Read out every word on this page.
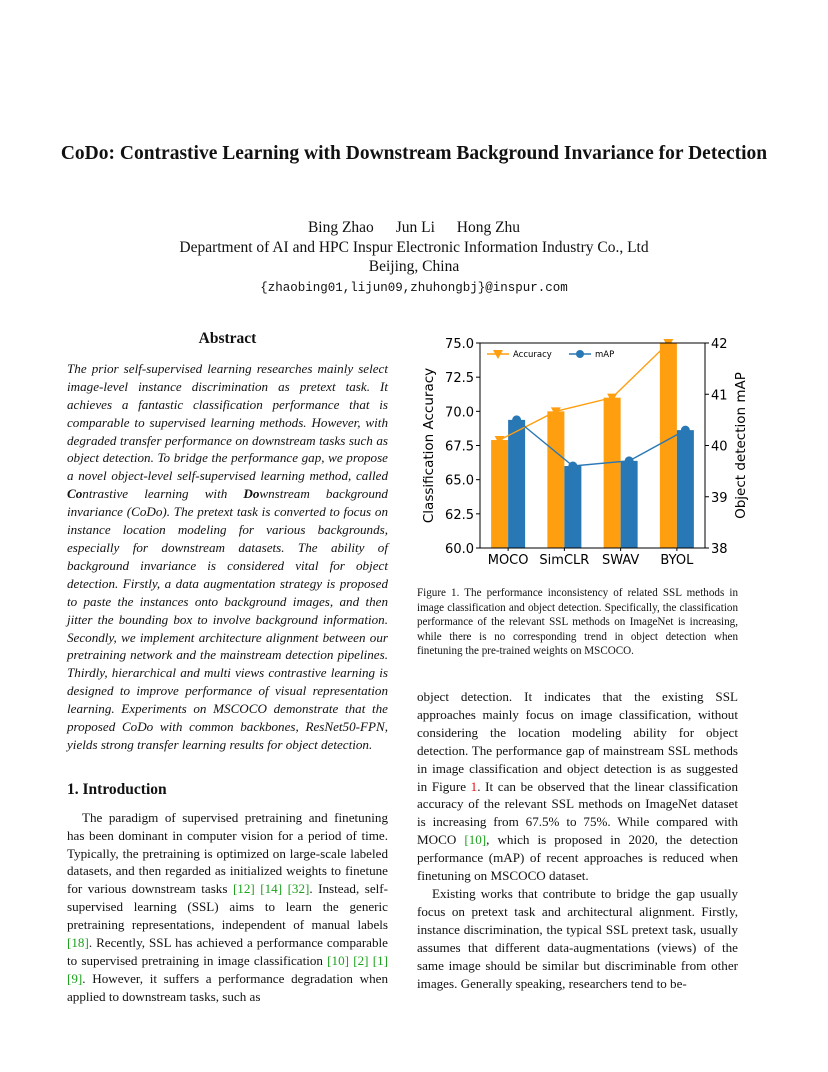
CoDo: Contrastive Learning with Downstream Background Invariance for Detection
Bing Zhao Jun Li Hong Zhu
Department of AI and HPC Inspur Electronic Information Industry Co., Ltd
Beijing, China
{zhaobing01,lijun09,zhuhongbj}@inspur.com
Abstract

The prior self-supervised learning researches mainly select image-level instance discrimination as pretext task. It achieves a fantastic classification performance that is comparable to supervised learning methods. However, with degraded transfer performance on downstream tasks such as object detection. To bridge the performance gap, we propose a novel object-level self-supervised learning method, called Contrastive learning with Downstream background invariance (CoDo). The pretext task is converted to focus on instance location modeling for various backgrounds, especially for downstream datasets. The ability of background invariance is considered vital for object detection. Firstly, a data augmentation strategy is proposed to paste the instances onto background images, and then jitter the bounding box to involve background information. Secondly, we implement architecture alignment between our pretraining network and the mainstream detection pipelines. Thirdly, hierarchical and multi views contrastive learning is designed to improve performance of visual representation learning. Experiments on MSCOCO demonstrate that the proposed CoDo with common backbones, ResNet50-FPN, yields strong transfer learning results for object detection.

1. Introduction

The paradigm of supervised pretraining and finetuning has been dominant in computer vision for a period of time. Typically, the pretraining is optimized on large-scale labeled datasets, and then regarded as initialized weights to finetune for various downstream tasks [12] [14] [32]. Instead, self-supervised learning (SSL) aims to learn the generic pretraining representations, independent of manual labels [18]. Recently, SSL has achieved a performance comparable to supervised pretraining in image classification [10] [2] [1] [9]. However, it suffers a performance degradation when applied to downstream tasks, such as

60.0
62.5
65.0
67.5
70.0
72.5
75.0
38
39
40
41
42
MOCO SimCLR SWAV BYOL
Classification Accuracy	Object detection mAP
Accuracy	mAP
Figure 1. The performance inconsistency of related SSL methods in image classification and object detection. Specifically, the classification performance of the relevant SSL methods on ImageNet is increasing, while there is no corresponding trend in object detection when finetuning the pre-trained weights on MSCOCO.

object detection. It indicates that the existing SSL approaches mainly focus on image classification, without considering the location modeling ability for object detection. The performance gap of mainstream SSL methods in image classification and object detection is as suggested in Figure 1. It can be observed that the linear classification accuracy of the relevant SSL methods on ImageNet dataset is increasing from 67.5% to 75%. While compared with MOCO [10], which is proposed in 2020, the detection performance (mAP) of recent approaches is reduced when finetuning on MSCOCO dataset.

Existing works that contribute to bridge the gap usually focus on pretext task and architectural alignment. Firstly, instance discrimination, the typical SSL pretext task, usually assumes that different data-augmentations (views) of the same image should be similar but discriminable from other images. Generally speaking, researchers tend to be-
